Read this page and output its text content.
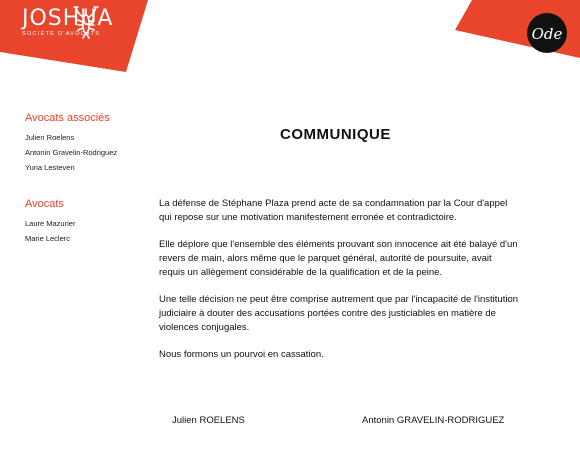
JOSHUA
SOCIÉTÉ D'AVOCATS	Ode
Avocats associés
Julien Roelens
Antonin Gravelin-Rodriguez
Yuna Lesteven
Avocats
Laure Mazurier
Marie Leclerc
COMMUNIQUE

La défense de Stéphane Plaza prend acte de sa condamnation par la Cour d'appel qui repose sur une motivation manifestement erronée et contradictoire.

Elle déplore que l'ensemble des éléments prouvant son innocence ait été balayé d'un revers de main, alors même que le parquet général, autorité de poursuite, avait requis un allègement considérable de la qualification et de la peine.

Une telle décision ne peut être comprise autrement que par l'incapacité de l'institution judiciaire à douter des accusations portées contre des justiciables en matière de violences conjugales.

Nous formons un pourvoi en cassation.

Julien ROELENS	Antonin GRAVELIN-RODRIGUEZ
